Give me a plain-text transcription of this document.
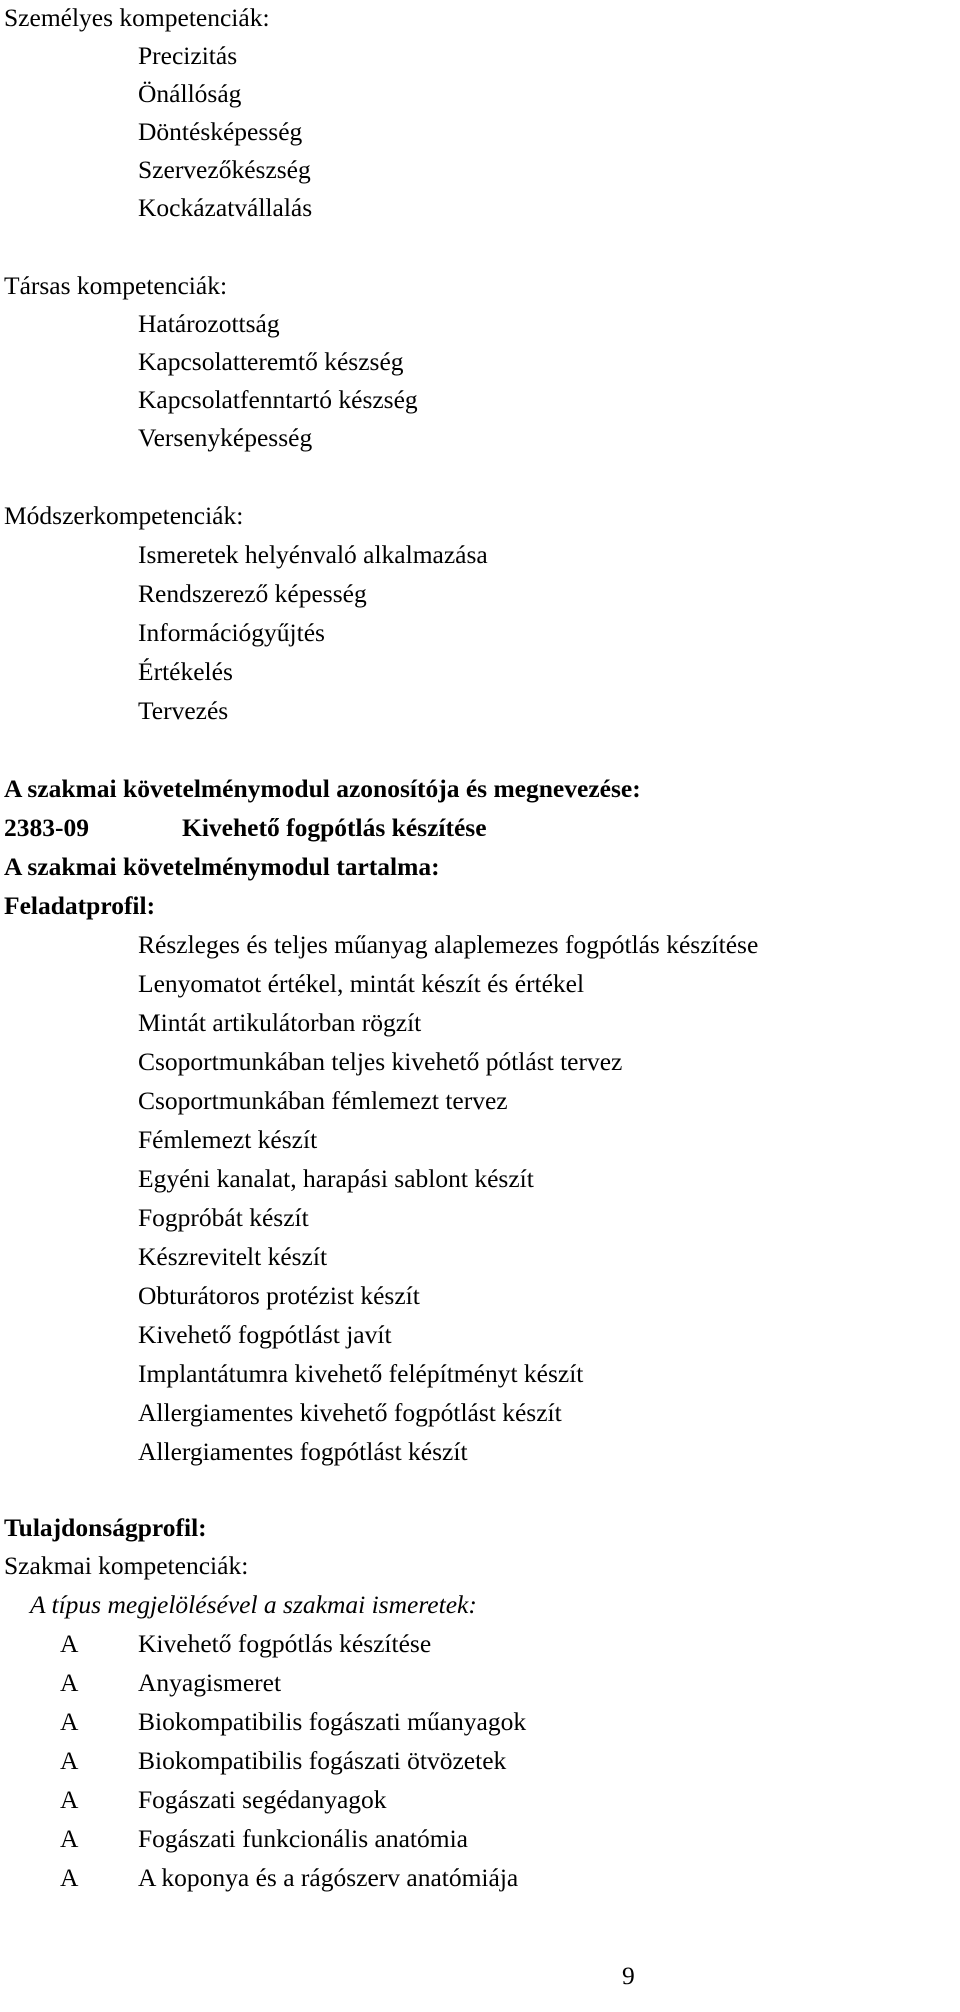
Személyes kompetenciák:
Precizitás
Önállóság
Döntésképesség
Szervezőkészség
Kockázatvállalás
Társas kompetenciák:
Határozottság
Kapcsolatteremtő készség
Kapcsolatfenntartó készség
Versenyképesség
Módszerkompetenciák:
Ismeretek helyénvaló alkalmazása
Rendszerező képesség
Információgyűjtés
Értékelés
Tervezés
A szakmai követelménymodul azonosítója és megnevezése:
2383-09	Kivehető fogpótlás készítése
A szakmai követelménymodul tartalma:
Feladatprofil:
Részleges és teljes műanyag alaplemezes fogpótlás készítése
Lenyomatot értékel, mintát készít és értékel
Mintát artikulátorban rögzít
Csoportmunkában teljes kivehető pótlást tervez
Csoportmunkában fémlemezt tervez
Fémlemezt készít
Egyéni kanalat, harapási sablont készít
Fogpróbát készít
Készrevitelt készít
Obturátoros protézist készít
Kivehető fogpótlást javít
Implantátumra kivehető felépítményt készít
Allergiamentes kivehető fogpótlást készít
Allergiamentes fogpótlást készít
Tulajdonságprofil:
Szakmai kompetenciák:
A típus megjelölésével a szakmai ismeretek:
A Kivehető fogpótlás készítése
A Anyagismeret
A Biokompatibilis fogászati műanyagok
A Biokompatibilis fogászati ötvözetek
A Fogászati segédanyagok
A Fogászati funkcionális anatómia
A A koponya és a rágószerv anatómiája
9
